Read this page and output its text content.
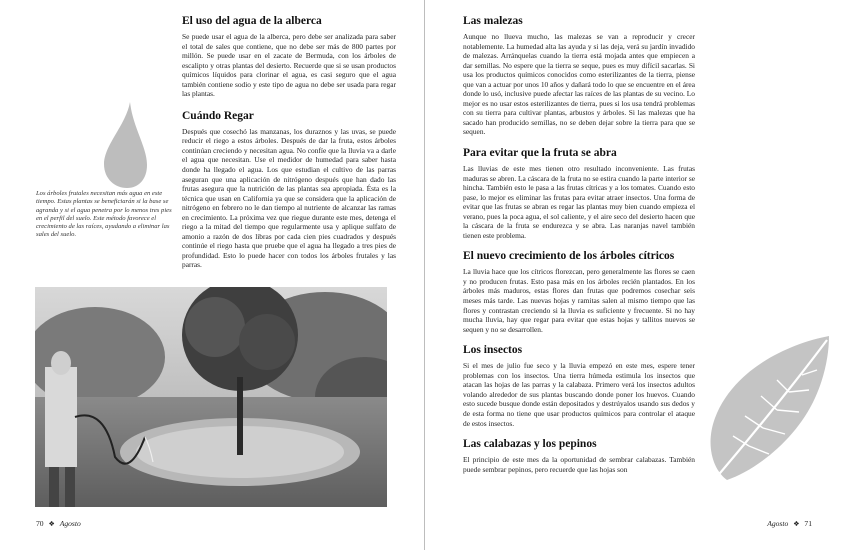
El uso del agua de la alberca

Se puede usar el agua de la alberca, pero debe ser analizada para saber el total de sales que contiene, que no debe ser más de 800 partes por millón. Se puede usar en el zacate de Bermuda, con los árboles de escalipto y otras plantas del desierto. Recuerde que si se usan productos químicos líquidos para clorinar el agua, es casi seguro que el agua también contiene sodio y este tipo de agua no debe ser usada para regar las plantas.

Cuándo Regar

Después que cosechó las manzanas, los duraznos y las uvas, se puede reducir el riego a estos árboles. Después de dar la fruta, estos árboles continúan creciendo y necesitan agua. No confíe que la lluvia va a darle el agua que necesitan. Use el medidor de humedad para saber hasta donde ha llegado el agua. Los que estudian el cultivo de las parras aseguran que una aplicación de nitrógeno después que han dado las frutas asegura que la nutrición de las plantas sea apropiada. Ésta es la técnica que usan en California ya que se considera que la aplicación de nitrógeno en febrero no le dan tiempo al nutriente de alcanzar las ramas en crecimiento. La próxima vez que riegue durante este mes, detenga el riego a la mitad del tiempo que regularmente usa y aplique sulfato de amonio a razón de dos libras por cada cien pies cuadrados y después continúe el riego hasta que pruebe que el agua ha llegado a tres pies de profundidad. Esto lo puede hacer con todos los árboles frutales y las parras.

Los árboles frutales necesitan más agua en este tiempo. Estas plantas se beneficiarán si la base se agranda y si el agua penetra por lo menos tres pies en el perfil del suelo. Este método favorece el crecimiento de las raíces, ayudando a eliminar las sales del suelo.

70 ❖ Agosto
Las malezas

Aunque no llueva mucho, las malezas se van a reproducir y crecer notablemente. La humedad alta las ayuda y si las deja, verá su jardín invadido de malezas. Arránquelas cuando la tierra está mojada antes que empiecen a dar semillas. No espere que la tierra se seque, pues es muy difícil sacarlas. Si usa los productos químicos conocidos como esterilizantes de la tierra, piense que van a actuar por unos 10 años y dañará todo lo que se encuentre en el área donde lo usó, inclusive puede afectar las raíces de las plantas de su vecino. Lo mejor es no usar estos esterilizantes de tierra, pues si los usa tendrá problemas con su tierra para cultivar plantas, arbustos y árboles. Si las malezas que ha sacado han producido semillas, no se deben dejar sobre la tierra para que se sequen.

Para evitar que la fruta se abra

Las lluvias de este mes tienen otro resultado inconveniente. Las frutas maduras se abren. La cáscara de la fruta no se estira cuando la parte interior se hincha. También esto le pasa a las frutas cítricas y a los tomates. Cuando esto pase, lo mejor es eliminar las frutas para evitar atraer insectos. Una forma de evitar que las frutas se abran es regar las plantas muy bien cuando empieza el verano, pues la poca agua, el sol caliente, y el aire seco del desierto hacen que la cáscara de la fruta se endurezca y se abra. Las naranjas navel también tienen este problema.

El nuevo crecimiento de los árboles cítricos

La lluvia hace que los cítricos florezcan, pero generalmente las flores se caen y no producen frutas. Esto pasa más en los árboles recién plantados. En los árboles más maduros, estas flores dan frutas que podremos cosechar seis meses más tarde. Las nuevas hojas y ramitas salen al mismo tiempo que las flores y contrastan creciendo si la lluvia es suficiente y frecuente. Si no hay mucha lluvia, hay que regar para evitar que estas hojas y tallitos nuevos se sequen y no se desarrollen.

Los insectos

Si el mes de julio fue seco y la lluvia empezó en este mes, espere tener problemas con los insectos. Una tierra húmeda estimula los insectos que atacan las hojas de las parras y la calabaza. Primero verá los insectos adultos volando alrededor de sus plantas buscando donde poner los huevos. Cuando esto sucede busque donde están depositados y destrúyalos usando sus dedos y de esta forma no tiene que usar productos químicos para controlar el ataque de estos insectos.

Las calabazas y los pepinos

El principio de este mes da la oportunidad de sembrar calabazas. También puede sembrar pepinos, pero recuerde que las hojas son

Agosto ❖ 71
